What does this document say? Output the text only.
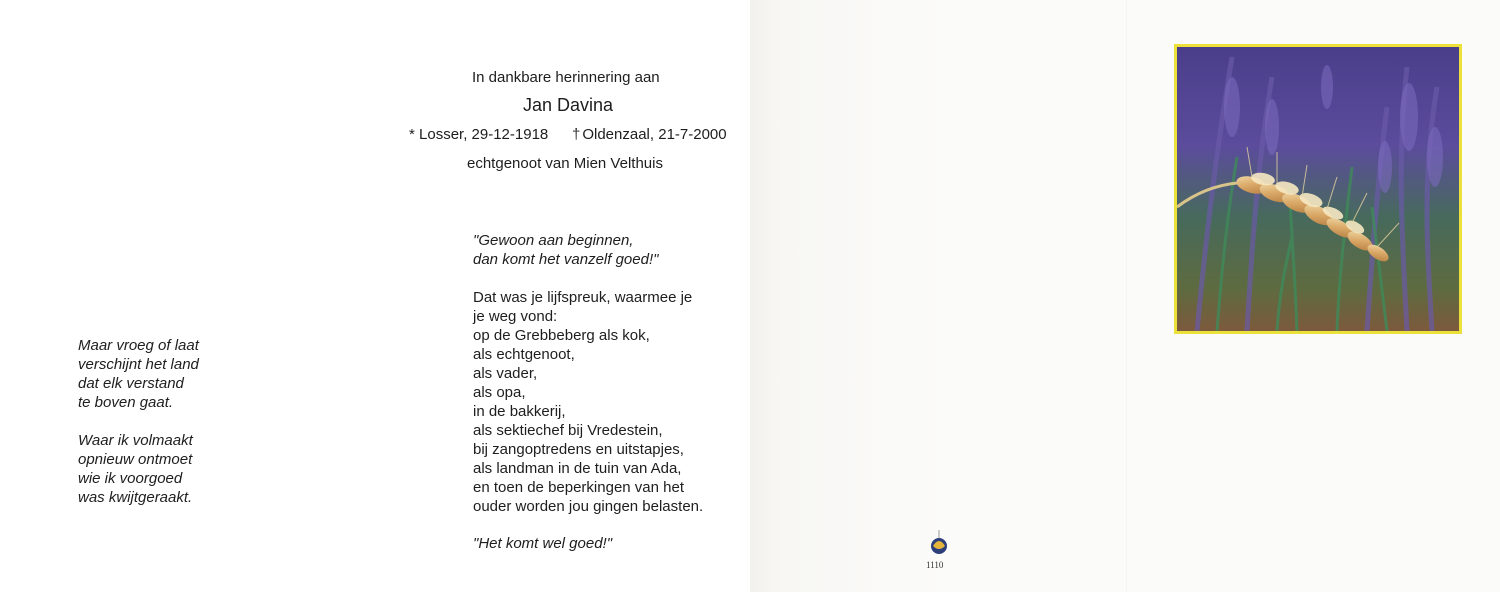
Maar vroeg of laat
verschijnt het land
dat elk verstand
te boven gaat.
Waar ik volmaakt
opnieuw ontmoet
wie ik voorgoed
was kwijtgeraakt.
In dankbare herinnering aan
Jan Davina
* Losser, 29-12-1918 † Oldenzaal, 21-7-2000
echtgenoot van Mien Velthuis
"Gewoon aan beginnen,
dan komt het vanzelf goed!"
Dat was je lijfspreuk, waarmee je
je weg vond:
op de Grebbeberg als kok,
als echtgenoot,
als vader,
als opa,
in de bakkerij,
als sektiechef bij Vredestein,
bij zangoptredens en uitstapjes,
als landman in de tuin van Ada,
en toen de beperkingen van het
ouder worden jou gingen belasten.
"Het komt wel goed!"
1110
